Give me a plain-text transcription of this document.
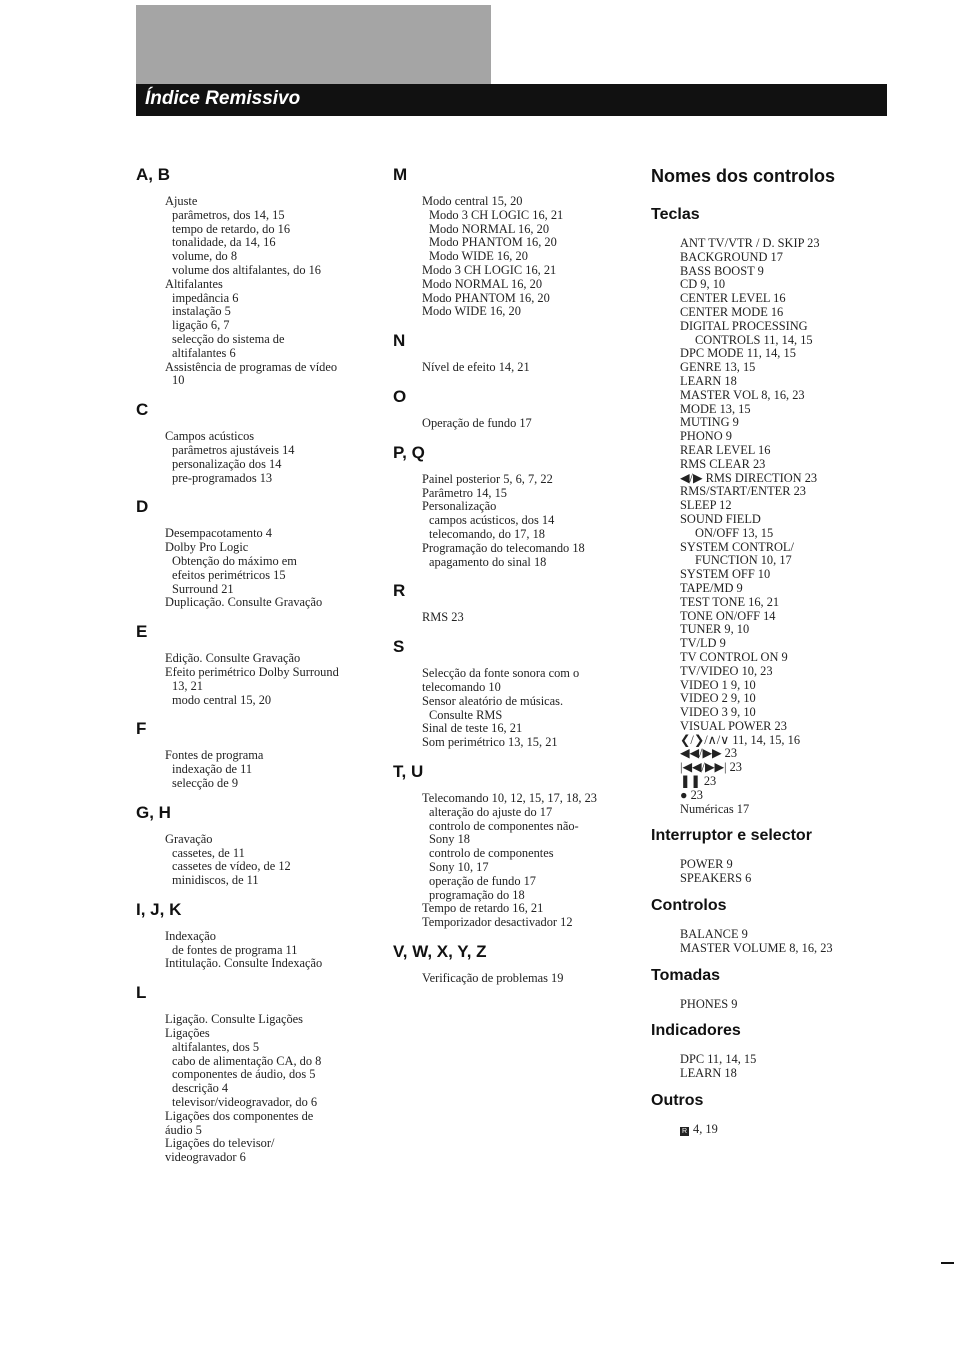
Índice Remissivo
A, B
Ajuste
parâmetros, dos 14, 15
tempo de retardo, do 16
tonalidade, da 14, 16
volume, do 8
volume dos altifalantes, do 16
Altifalantes
impedância 6
instalação 5
ligação 6, 7
selecção do sistema de
altifalantes 6
Assistência de programas de vídeo
10
C
Campos acústicos
parâmetros ajustáveis 14
personalização dos 14
pre-programados 13
D
Desempacotamento 4
Dolby Pro Logic
Obtenção do máximo em
efeitos perimétricos 15
Surround 21
Duplicação. Consulte Gravação
E
Edição. Consulte Gravação
Efeito perimétrico Dolby Surround
13, 21
modo central 15, 20
F
Fontes de programa
indexação de 11
selecção de 9
G, H
Gravação
cassetes, de 11
cassetes de vídeo, de 12
minidiscos, de 11
I, J, K
Indexação
de fontes de programa 11
Intitulação. Consulte Indexação
L
Ligação. Consulte Ligações
Ligações
altifalantes, dos 5
cabo de alimentação CA, do 8
componentes de áudio, dos 5
descrição 4
televisor/videogravador, do 6
Ligações dos componentes de
áudio 5
Ligações do televisor/
videogravador 6
M
Modo central 15, 20
Modo 3 CH LOGIC 16, 21
Modo NORMAL 16, 20
Modo PHANTOM 16, 20
Modo WIDE 16, 20
Modo 3 CH LOGIC 16, 21
Modo NORMAL 16, 20
Modo PHANTOM 16, 20
Modo WIDE 16, 20
N
Nível de efeito 14, 21
O
Operação de fundo 17
P, Q
Painel posterior 5, 6, 7, 22
Parâmetro 14, 15
Personalização
campos acústicos, dos 14
telecomando, do 17, 18
Programação do telecomando 18
apagamento do sinal 18
R
RMS 23
S
Selecção da fonte sonora com o
telecomando 10
Sensor aleatório de músicas.
Consulte RMS
Sinal de teste 16, 21
Som perimétrico 13, 15, 21
T, U
Telecomando 10, 12, 15, 17, 18, 23
alteração do ajuste do 17
controlo de componentes não-
Sony 18
controlo de componentes
Sony 10, 17
operação de fundo 17
programação do 18
Tempo de retardo 16, 21
Temporizador desactivador 12
V, W, X, Y, Z
Verificação de problemas 19
Nomes dos controlos
Teclas
ANT TV/VTR / D. SKIP 23
BACKGROUND 17
BASS BOOST 9
CD 9, 10
CENTER LEVEL 16
CENTER MODE 16
DIGITAL PROCESSING
CONTROLS 11, 14, 15
DPC MODE 11, 14, 15
GENRE 13, 15
LEARN 18
MASTER VOL 8, 16, 23
MODE 13, 15
MUTING 9
PHONO 9
REAR LEVEL 16
RMS CLEAR 23
◀/▶ RMS DIRECTION 23
RMS/START/ENTER 23
SLEEP 12
SOUND FIELD
ON/OFF 13, 15
SYSTEM CONTROL/
FUNCTION 10, 17
SYSTEM OFF 10
TAPE/MD 9
TEST TONE 16, 21
TONE ON/OFF 14
TUNER 9, 10
TV/LD 9
TV CONTROL ON 9
TV/VIDEO 10, 23
VIDEO 1 9, 10
VIDEO 2 9, 10
VIDEO 3 9, 10
VISUAL POWER 23
❮/❯/∧/∨ 11, 14, 15, 16
◀◀/▶▶ 23
|◀◀/▶▶| 23
❚❚ 23
● 23
Numéricas 17
Interruptor e selector
POWER 9
SPEAKERS 6
Controlos
BALANCE 9
MASTER VOLUME 8, 16, 23
Tomadas
PHONES 9
Indicadores
DPC 11, 14, 15
LEARN 18
Outros
R 4, 19
